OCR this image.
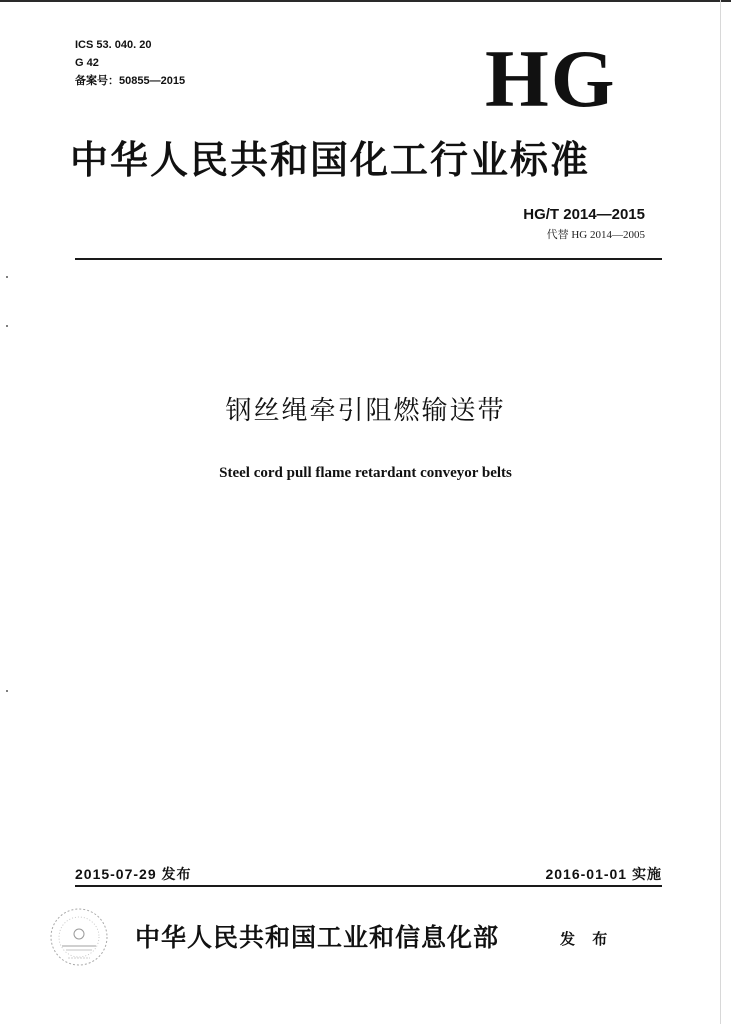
ICS 53. 040. 20
G 42
备案号：50855—2015	HG
中华人民共和国化工行业标准
HG/T 2014—2015
代替 HG 2014—2005
钢丝绳牵引阻燃输送带
Steel cord pull flame retardant conveyor belts
2015-07-29 发布	2016-01-01 实施
中华人民共和国工业和信息化部	发 布
